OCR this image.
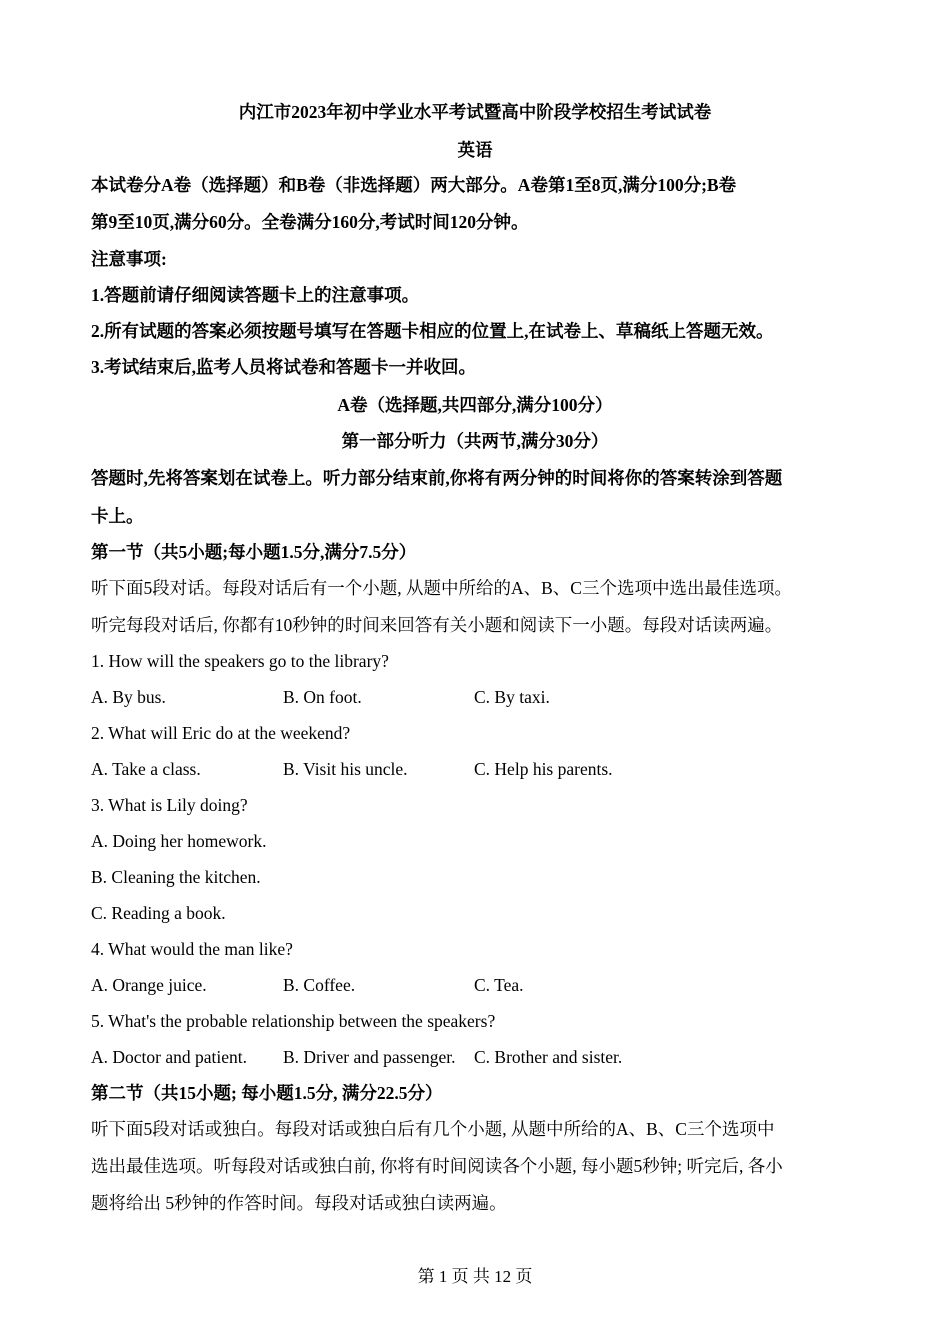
内江市2023年初中学业水平考试暨高中阶段学校招生考试试卷
英语
本试卷分A卷（选择题）和B卷（非选择题）两大部分。A卷第1至8页,满分100分;B卷
第9至10页,满分60分。全卷满分160分,考试时间120分钟。
注意事项:
1.答题前请仔细阅读答题卡上的注意事项。
2.所有试题的答案必须按题号填写在答题卡相应的位置上,在试卷上、草稿纸上答题无效。
3.考试结束后,监考人员将试卷和答题卡一并收回。
A卷（选择题,共四部分,满分100分）
第一部分听力（共两节,满分30分）
答题时,先将答案划在试卷上。听力部分结束前,你将有两分钟的时间将你的答案转涂到答题
卡上。
第一节（共5小题;每小题1.5分,满分7.5分）
听下面5段对话。每段对话后有一个小题, 从题中所给的A、B、C三个选项中选出最佳选项。
听完每段对话后, 你都有10秒钟的时间来回答有关小题和阅读下一小题。每段对话读两遍。
1. How will the speakers go to the library?
A. By bus.	B. On foot.	C. By taxi.
2. What will Eric do at the weekend?
A. Take a class.	B. Visit his uncle.	C. Help his parents.
3. What is Lily doing?
A. Doing her homework.
B. Cleaning the kitchen.
C. Reading a book.
4. What would the man like?
A. Orange juice.	B. Coffee.	C. Tea.
5. What's the probable relationship between the speakers?
A. Doctor and patient. B. Driver and passenger. C. Brother and sister.
第二节（共15小题; 每小题1.5分, 满分22.5分）
听下面5段对话或独白。每段对话或独白后有几个小题, 从题中所给的A、B、C三个选项中
选出最佳选项。听每段对话或独白前, 你将有时间阅读各个小题, 每小题5秒钟; 听完后, 各小
题将给出 5秒钟的作答时间。每段对话或独白读两遍。
第 1 页 共 12 页
